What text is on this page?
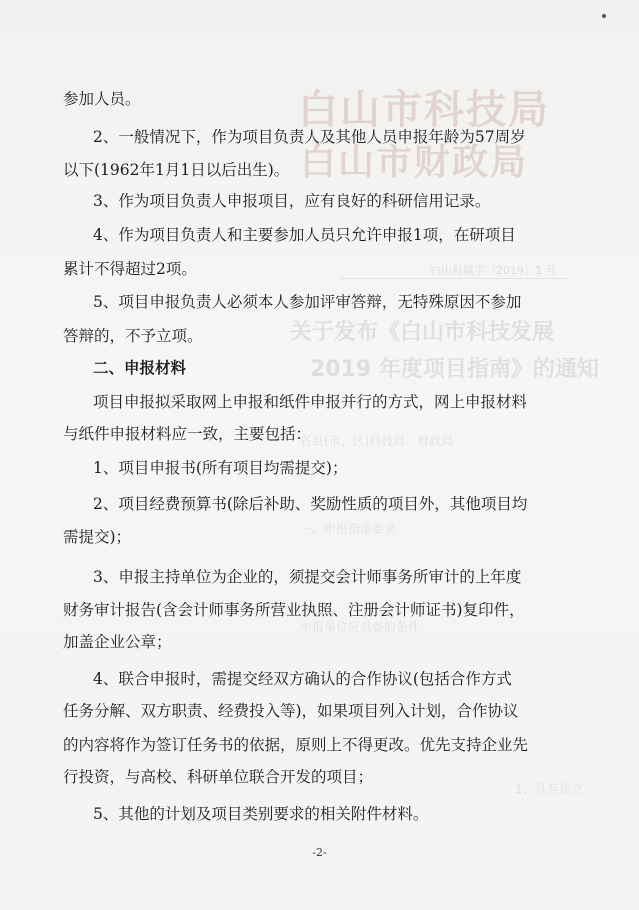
白山市科技局
白山市财政局
白山科联字〔2019〕1 号
关于发布《白山市科技发展
2019 年度项目指南》的通知
各县(市、区)科技局、财政局
一、申报指南要求
申报单位应具备的条件
1、具有独立
参加人员。
2、一般情况下，作为项目负责人及其他人员申报年龄为57周岁
以下(1962年1月1日以后出生)。
3、作为项目负责人申报项目，应有良好的科研信用记录。
4、作为项目负责人和主要参加人员只允许申报1项，在研项目
累计不得超过2项。
5、项目申报负责人必须本人参加评审答辩，无特殊原因不参加
答辩的，不予立项。
二、申报材料
项目申报拟采取网上申报和纸件申报并行的方式，网上申报材料
与纸件申报材料应一致，主要包括：
1、项目申报书(所有项目均需提交)；
2、项目经费预算书(除后补助、奖励性质的项目外，其他项目均
需提交)；
3、申报主持单位为企业的，须提交会计师事务所审计的上年度
财务审计报告(含会计师事务所营业执照、注册会计师证书)复印件，
加盖企业公章；
4、联合申报时，需提交经双方确认的合作协议(包括合作方式
任务分解、双方职责、经费投入等)，如果项目列入计划，合作协议
的内容将作为签订任务书的依据，原则上不得更改。优先支持企业先
行投资，与高校、科研单位联合开发的项目；
5、其他的计划及项目类别要求的相关附件材料。
-2-
